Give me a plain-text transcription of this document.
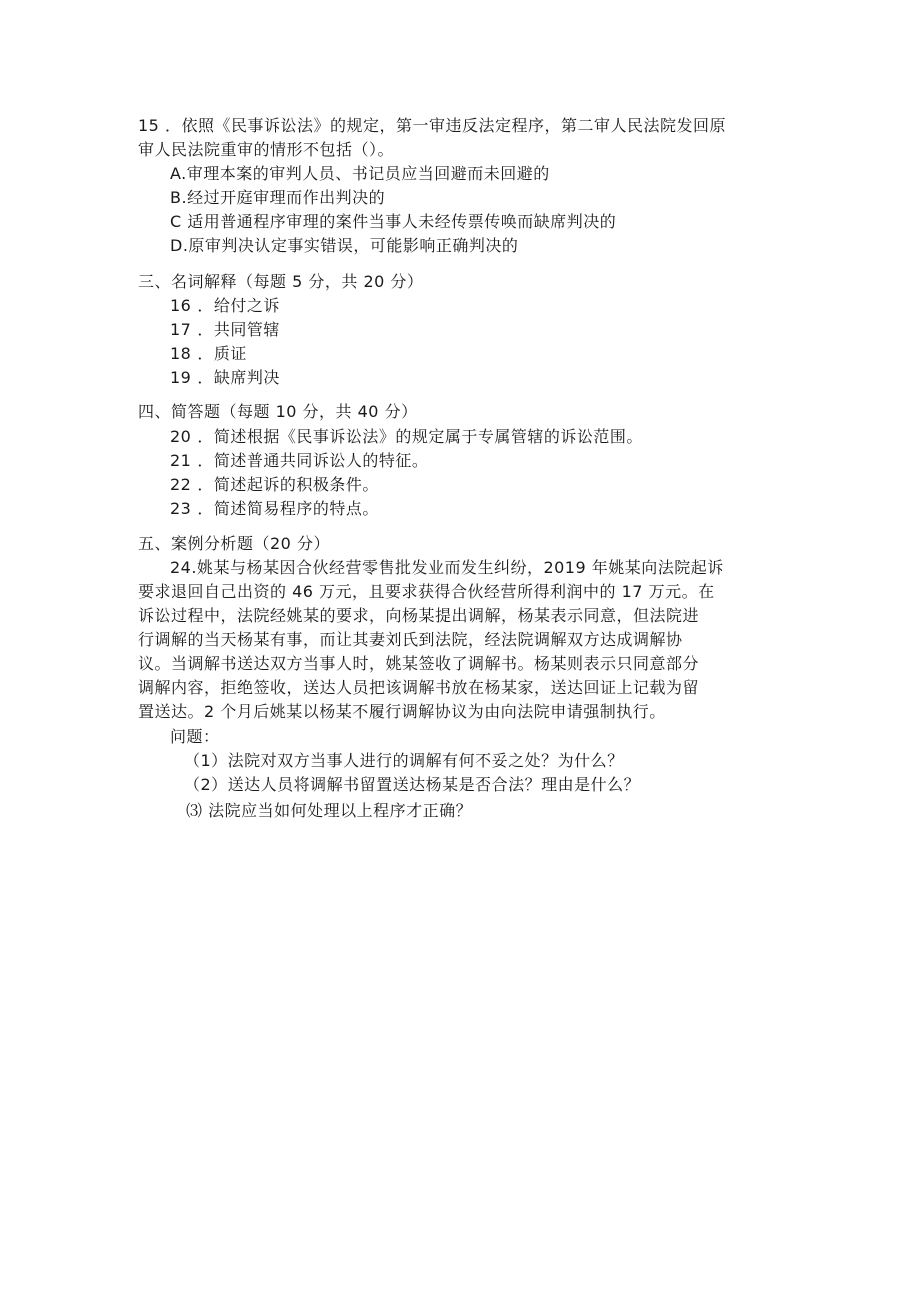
15 ．依照《民事诉讼法》的规定，第一审违反法定程序，第二审人民法院发回原
审人民法院重审的情形不包括（）。
A.审理本案的审判人员、书记员应当回避而未回避的
B.经过开庭审理而作出判决的
C 适用普通程序审理的案件当事人未经传票传唤而缺席判决的
D.原审判决认定事实错误，可能影响正确判决的
三、名词解释（每题 5 分，共 20 分）
16 ．给付之诉
17 ．共同管辖
18 ．质证
19 ．缺席判决
四、简答题（每题 10 分，共 40 分）
20 ．简述根据《民事诉讼法》的规定属于专属管辖的诉讼范围。
21 ．简述普通共同诉讼人的特征。
22 ．简述起诉的积极条件。
23 ．简述简易程序的特点。
五、案例分析题（20 分）
24.姚某与杨某因合伙经营零售批发业而发生纠纷，2019 年姚某向法院起诉
要求退回自己出资的 46 万元，且要求获得合伙经营所得利润中的 17 万元。在
诉讼过程中，法院经姚某的要求，向杨某提出调解，杨某表示同意，但法院进
行调解的当天杨某有事，而让其妻刘氏到法院，经法院调解双方达成调解协
议。当调解书送达双方当事人时，姚某签收了调解书。杨某则表示只同意部分
调解内容，拒绝签收，送达人员把该调解书放在杨某家，送达回证上记载为留
置送达。2 个月后姚某以杨某不履行调解协议为由向法院申请强制执行。
问题：
（1）法院对双方当事人进行的调解有何不妥之处？为什么？
（2）送达人员将调解书留置送达杨某是否合法？理由是什么？
⑶ 法院应当如何处理以上程序才正确？
